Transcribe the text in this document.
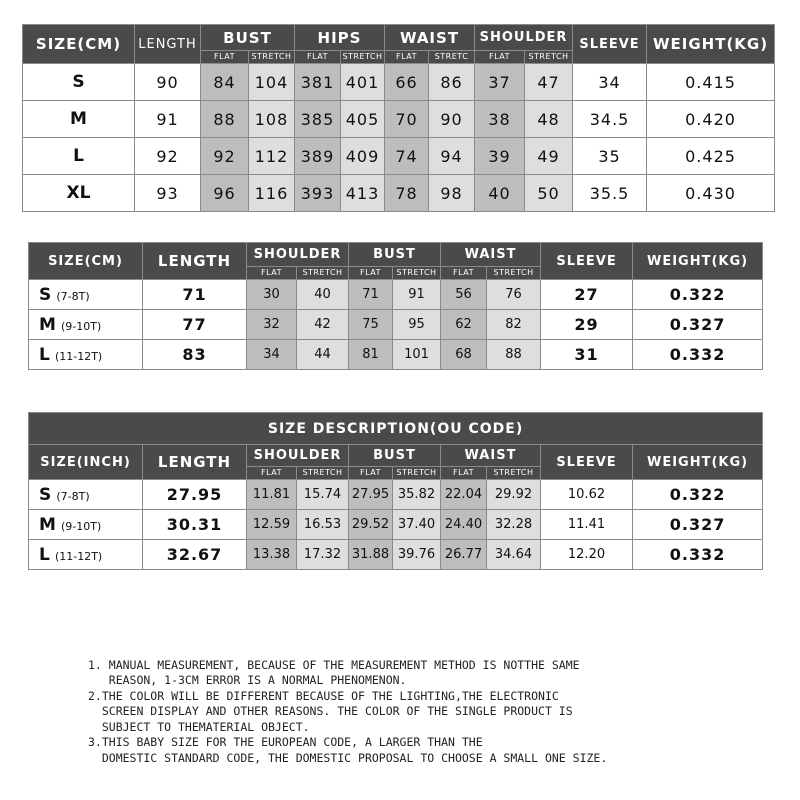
SIZE(CM)	LENGTH	BUST		HIPS		WAIST		SHOULDER		SLEEVE	WEIGHT(KG)
		FLAT	STRETCH	FLAT	STRETCH	FLAT	STRETC	FLAT	STRETCH		
S	90	84	104	381	401	66	86	37	47	34	0.415
M	91	88	108	385	405	70	90	38	48	34.5	0.420
L	92	92	112	389	409	74	94	39	49	35	0.425
XL	93	96	116	393	413	78	98	40	50	35.5	0.430
SIZE(CM)	LENGTH	SHOULDER		BUST		WAIST		SLEEVE	WEIGHT(KG)
		FLAT	STRETCH	FLAT	STRETCH	FLAT	STRETCH		
S (7-8T)	71	30	40	71	91	56	76	27	0.322
M (9-10T)	77	32	42	75	95	62	82	29	0.327
L (11-12T)	83	34	44	81	101	68	88	31	0.332
SIZE DESCRIPTION(OU CODE)									
SIZE(INCH)	LENGTH	SHOULDER		BUST		WAIST		SLEEVE	WEIGHT(KG)
		FLAT	STRETCH	FLAT	STRETCH	FLAT	STRETCH		
S (7-8T)	27.95	11.81	15.74	27.95	35.82	22.04	29.92	10.62	0.322
M (9-10T)	30.31	12.59	16.53	29.52	37.40	24.40	32.28	11.41	0.327
L (11-12T)	32.67	13.38	17.32	31.88	39.76	26.77	34.64	12.20	0.332

1. MANUAL MEASUREMENT, BECAUSE OF THE MEASUREMENT METHOD IS NOTTHE SAME
REASON, 1-3CM ERROR IS A NORMAL PHENOMENON.
2.THE COLOR WILL BE DIFFERENT BECAUSE OF THE LIGHTING,THE ELECTRONIC
SCREEN DISPLAY AND OTHER REASONS. THE COLOR OF THE SINGLE PRODUCT IS
SUBJECT TO THEMATERIAL OBJECT.
3.THIS BABY SIZE FOR THE EUROPEAN CODE, A LARGER THAN THE
DOMESTIC STANDARD CODE, THE DOMESTIC PROPOSAL TO CHOOSE A SMALL ONE SIZE.
